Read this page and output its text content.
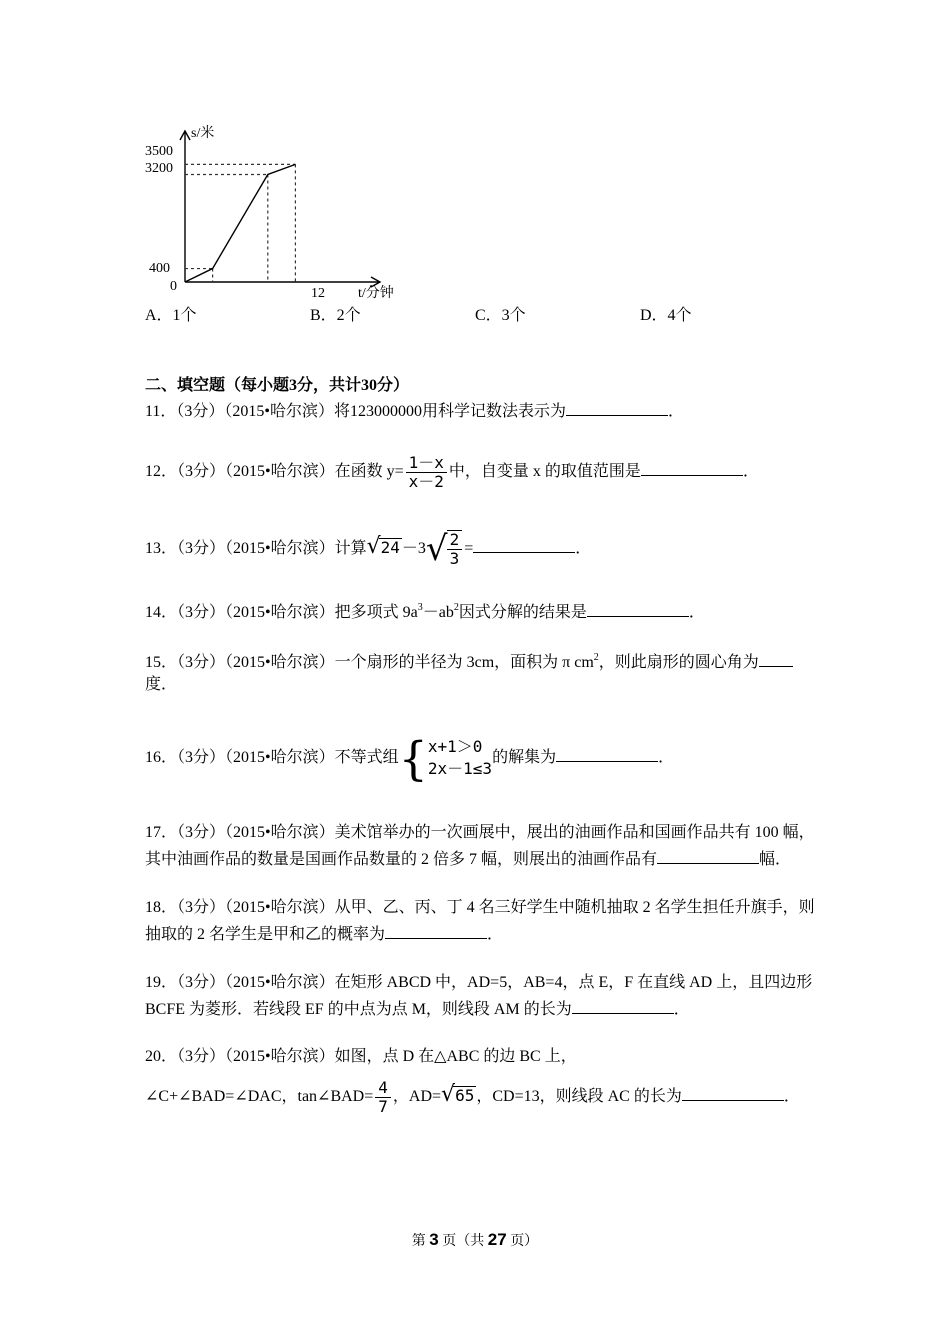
s/米
t/分钟
3500
3200
400
0	12
A．1个	B．2个	C．3个	D．4个
二、填空题（每小题3分，共计30分）
11．（3分）（2015•哈尔滨）将123000000用科学记数法表示为	．
12．（3分）（2015•哈尔滨）在函数 $y= \frac{1-x}{x-2}$ 中，自变量 x 的取值范围是	．
13．（3分）（2015•哈尔滨）计算$√24 -3√ \frac{2}{3}$ =	．
14．（3分）（2015•哈尔滨）把多项式 $9a^3-ab^2$因式分解的结果是	．
15．（3分）（2015•哈尔滨）一个扇形的半径为 3cm，面积为 π $cm^2$，则此扇形的圆心角为
度．
16．（3分）（2015•哈尔滨）不等式组{ x+1＞0
2x－1≤3
的解集为	．
17．（3分）（2015•哈尔滨）美术馆举办的一次画展中，展出的油画作品和国画作品共有 100 幅，
其中油画作品的数量是国画作品数量的 2 倍多 7 幅，则展出的油画作品有	幅．
18．（3分）（2015•哈尔滨）从甲、乙、丙、丁 4 名三好学生中随机抽取 2 名学生担任升旗手，则
抽取的 2 名学生是甲和乙的概率为	．
19．（3分）（2015•哈尔滨）在矩形 ABCD 中，AD=5，AB=4，点 E，F 在直线 AD 上，且四边形
BCFE 为菱形．若线段 EF 的中点为点 M，则线段 AM 的长为	．
20．（3分）（2015•哈尔滨）如图，点 D 在△ABC 的边 BC 上，
∠C+∠BAD=∠DAC，tan∠BAD= $\frac{4}{7}$ ，AD=√65 ，CD=13，则线段 AC 的长为	．
第 3 页（共 27 页）
